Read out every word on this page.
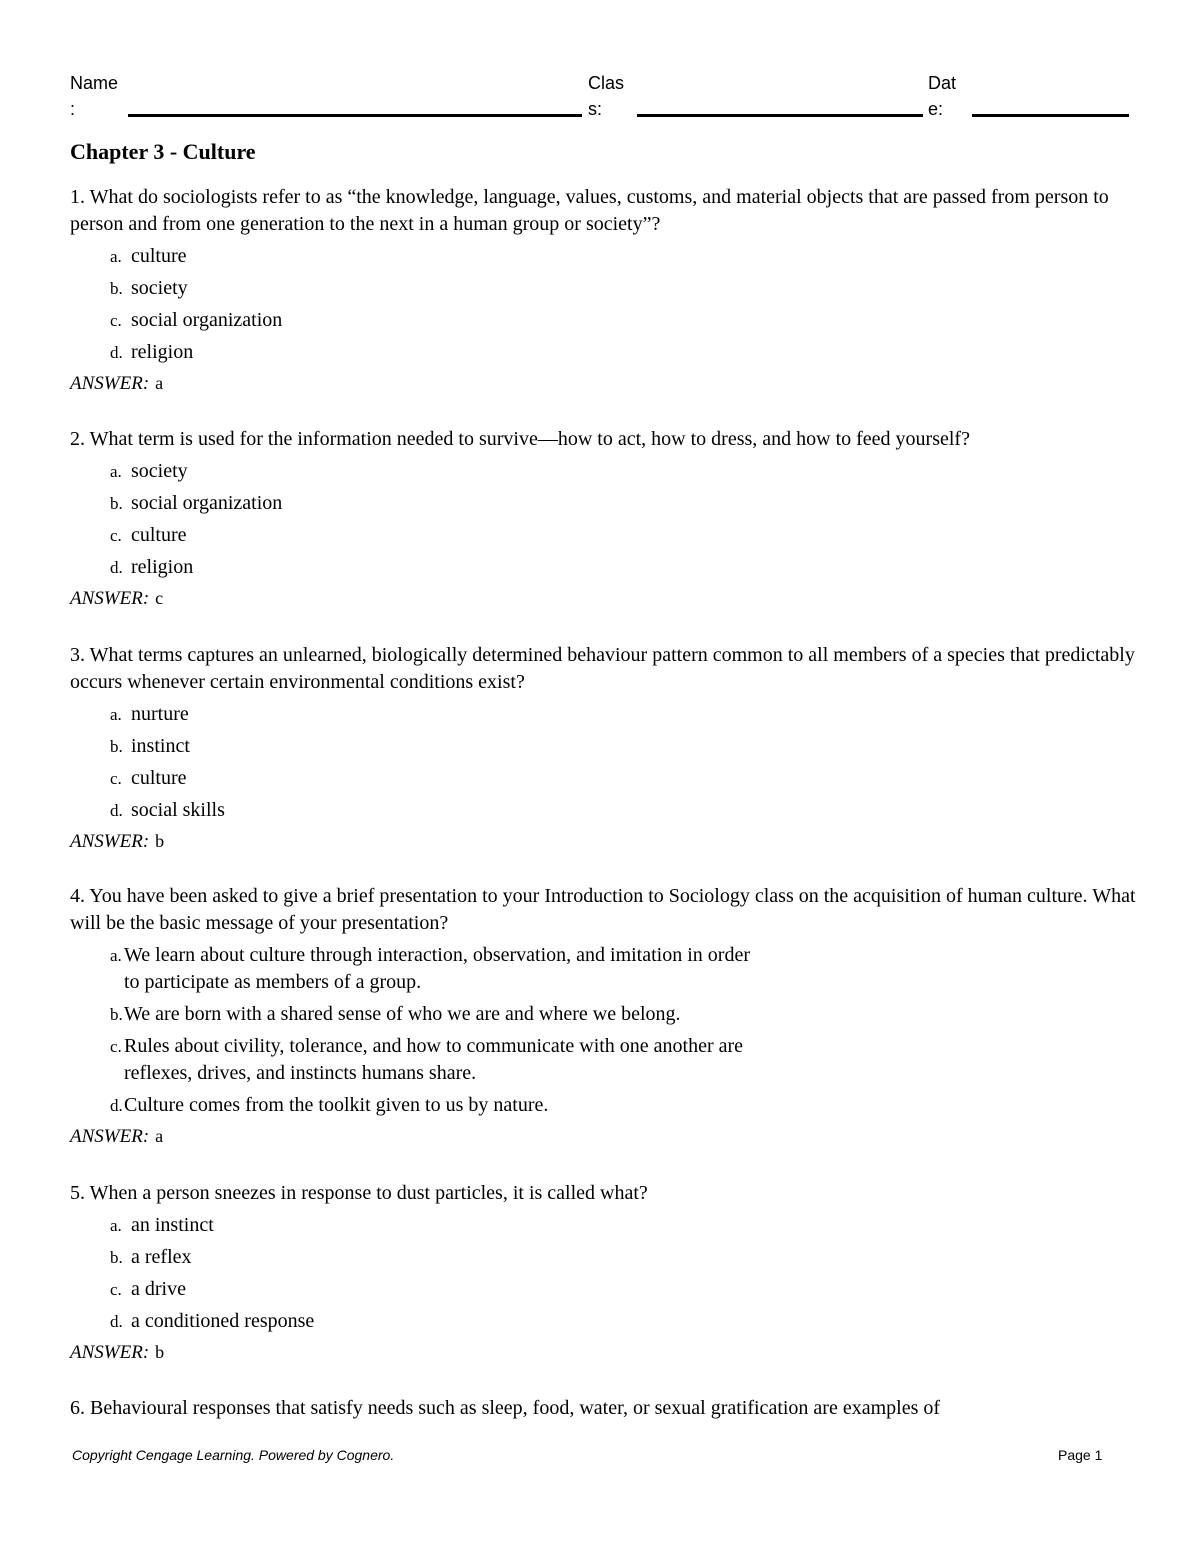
Name
:
Clas
s:
Dat
e:
Chapter 3 - Culture

1. What do sociologists refer to as “the knowledge, language, values, customs, and material objects that are passed from person to person and from one generation to the next in a human group or society”?

a. culture
b. society
c. social organization
d. religion
ANSWER: a

2. What term is used for the information needed to survive—how to act, how to dress, and how to feed yourself?

a. society
b. social organization
c. culture
d. religion
ANSWER: c

3. What terms captures an unlearned, biologically determined behaviour pattern common to all members of a species that predictably occurs whenever certain environmental conditions exist?

a. nurture
b. instinct
c. culture
d. social skills
ANSWER: b

4. You have been asked to give a brief presentation to your Introduction to Sociology class on the acquisition of human culture. What will be the basic message of your presentation?

a. We learn about culture through interaction, observation, and imitation in order
to participate as members of a group.
b.We are born with a shared sense of who we are and where we belong.
c. Rules about civility, tolerance, and how to communicate with one another are
reflexes, drives, and instincts humans share.
d.Culture comes from the toolkit given to us by nature.
ANSWER: a

5. When a person sneezes in response to dust particles, it is called what?

a. an instinct
b. a reflex
c. a drive
d. a conditioned response
ANSWER: b

6. Behavioural responses that satisfy needs such as sleep, food, water, or sexual gratification are examples of

Copyright Cengage Learning. Powered by Cognero.	Page 1
